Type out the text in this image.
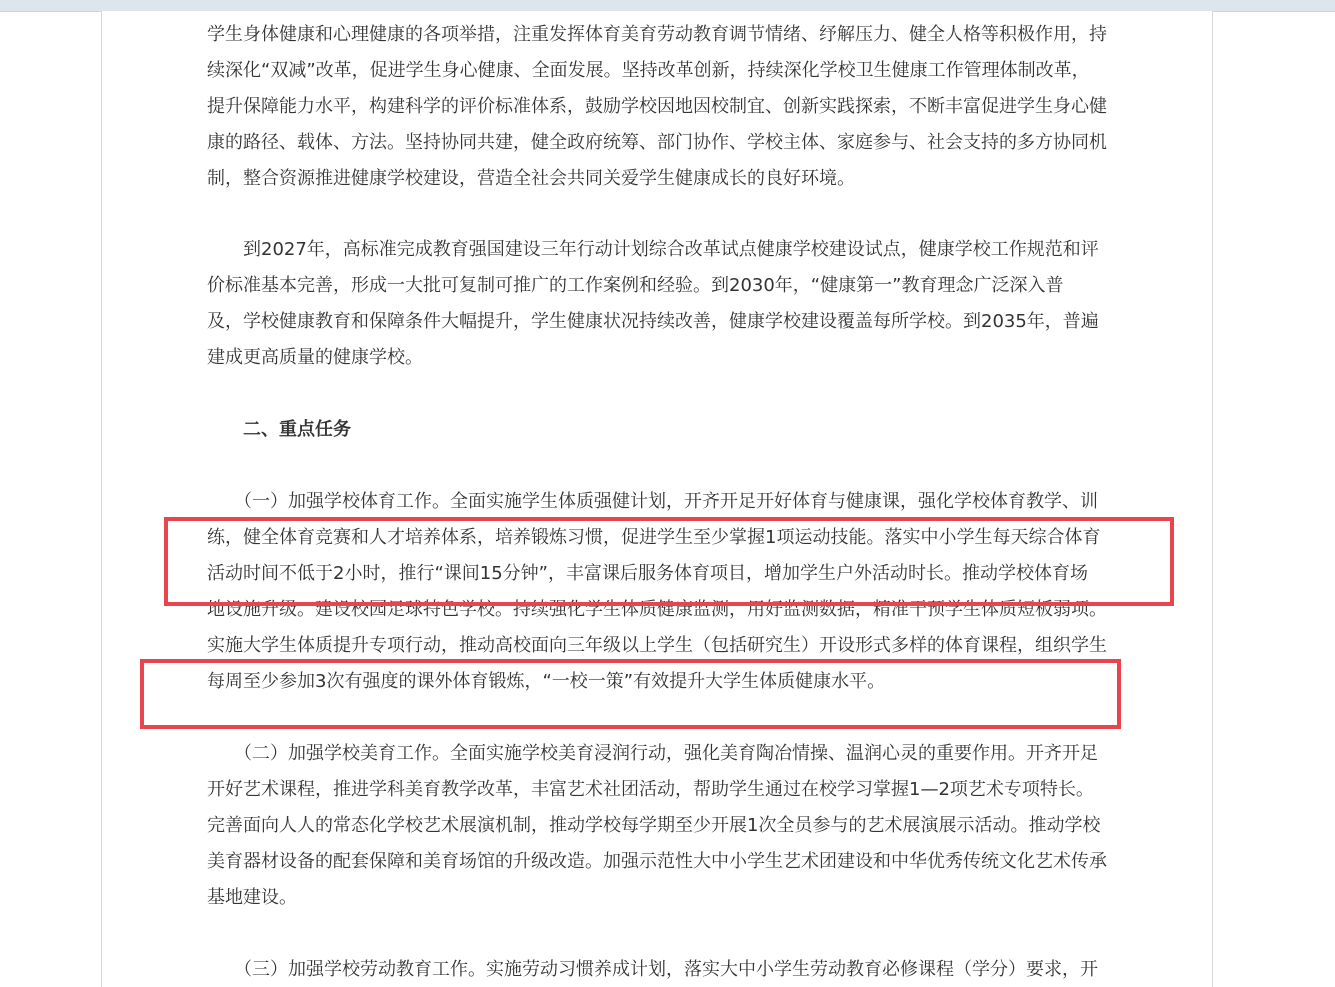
学生身体健康和心理健康的各项举措，注重发挥体育美育劳动教育调节情绪、纾解压力、健全人格等积极作用，持
续深化“双减”改革，促进学生身心健康、全面发展。坚持改革创新，持续深化学校卫生健康工作管理体制改革，
提升保障能力水平，构建科学的评价标准体系，鼓励学校因地因校制宜、创新实践探索，不断丰富促进学生身心健
康的路径、载体、方法。坚持协同共建，健全政府统筹、部门协作、学校主体、家庭参与、社会支持的多方协同机
制，整合资源推进健康学校建设，营造全社会共同关爱学生健康成长的良好环境。
　　到2027年，高标准完成教育强国建设三年行动计划综合改革试点健康学校建设试点，健康学校工作规范和评
价标准基本完善，形成一大批可复制可推广的工作案例和经验。到2030年，“健康第一”教育理念广泛深入普
及，学校健康教育和保障条件大幅提升，学生健康状况持续改善，健康学校建设覆盖每所学校。到2035年，普遍
建成更高质量的健康学校。
二、重点任务
　　（一）加强学校体育工作。全面实施学生体质强健计划，开齐开足开好体育与健康课，强化学校体育教学、训
练，健全体育竞赛和人才培养体系，培养锻炼习惯，促进学生至少掌握1项运动技能。落实中小学生每天综合体育
活动时间不低于2小时，推行“课间15分钟”，丰富课后服务体育项目，增加学生户外活动时长。推动学校体育场
地设施升级。建设校园足球特色学校。持续强化学生体质健康监测，用好监测数据，精准干预学生体质短板弱项。
实施大学生体质提升专项行动，推动高校面向三年级以上学生（包括研究生）开设形式多样的体育课程，组织学生
每周至少参加3次有强度的课外体育锻炼，“一校一策”有效提升大学生体质健康水平。
　　（二）加强学校美育工作。全面实施学校美育浸润行动，强化美育陶冶情操、温润心灵的重要作用。开齐开足
开好艺术课程，推进学科美育教学改革，丰富艺术社团活动，帮助学生通过在校学习掌握1—2项艺术专项特长。
完善面向人人的常态化学校艺术展演机制，推动学校每学期至少开展1次全员参与的艺术展演展示活动。推动学校
美育器材设备的配套保障和美育场馆的升级改造。加强示范性大中小学生艺术团建设和中华优秀传统文化艺术传承
基地建设。
　　（三）加强学校劳动教育工作。实施劳动习惯养成计划，落实大中小学生劳动教育必修课程（学分）要求，开
